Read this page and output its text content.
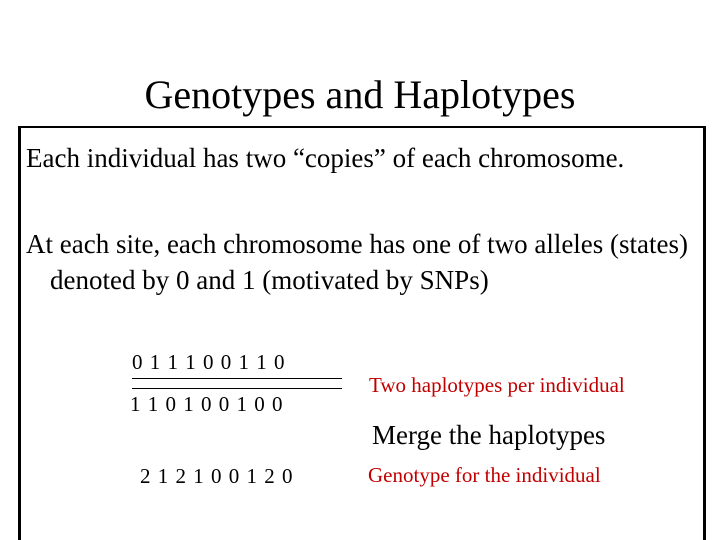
Genotypes and Haplotypes
Each individual has two “copies” of each chromosome.
At each site, each chromosome has one of two alleles (states) denoted by 0 and 1 (motivated by SNPs)
0 1 1 1 0 0 1 1 0
1 1 0 1 0 0 1 0 0
Two haplotypes per individual
Merge the haplotypes
2 1 2 1 0 0 1 2 0	Genotype for the individual
